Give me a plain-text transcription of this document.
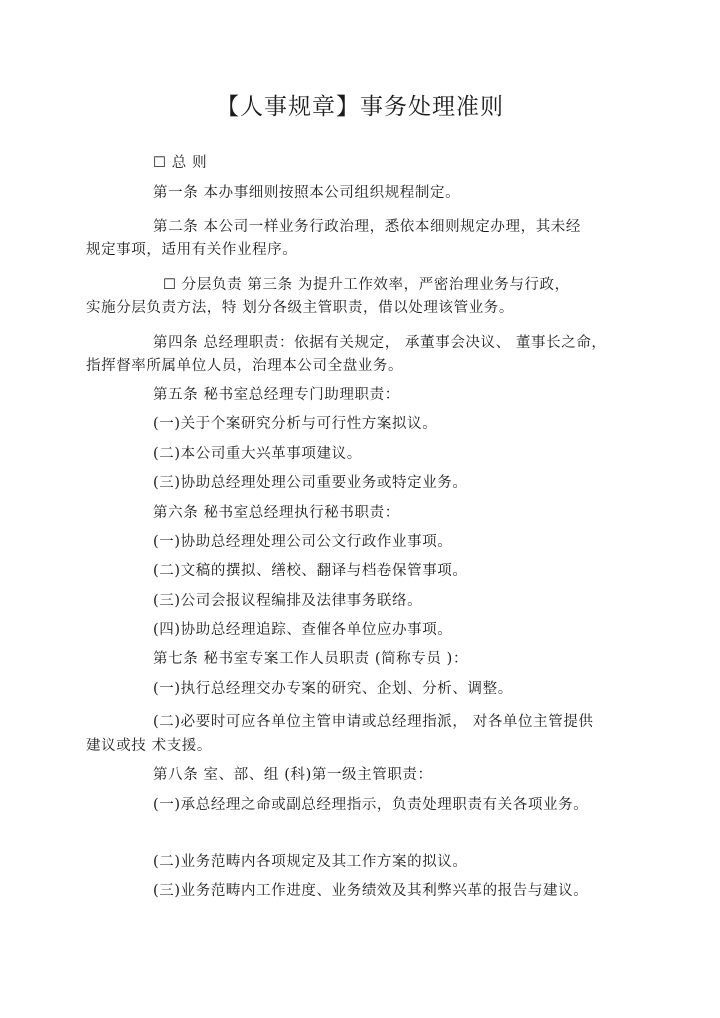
【人事规章】事务处理准则
☐ 总 则
第一条 本办事细则按照本公司组织规程制定。
第二条 本公司一样业务行政治理，悉依本细则规定办理，其未经
规定事项，适用有关作业程序。
☐ 分层负责 第三条 为提升工作效率，严密治理业务与行政，
实施分层负责方法，特 划分各级主管职责，借以处理该管业务。
第四条 总经理职责：依据有关规定， 承董事会决议、 董事长之命，
指挥督率所属单位人员，治理本公司全盘业务。
第五条 秘书室总经理专门助理职责：
(一)关于个案研究分析与可行性方案拟议。
(二)本公司重大兴革事项建议。
(三)协助总经理处理公司重要业务或特定业务。
第六条 秘书室总经理执行秘书职责：
(一)协助总经理处理公司公文行政作业事项。
(二)文稿的撰拟、缮校、翻译与档卷保管事项。
(三)公司会报议程编排及法律事务联络。
(四)协助总经理追踪、查催各单位应办事项。
第七条 秘书室专案工作人员职责 (简称专员 )：
(一)执行总经理交办专案的研究、企划、分析、调整。
(二)必要时可应各单位主管申请或总经理指派， 对各单位主管提供
建议或技 术支援。
第八条 室、部、组 (科)第一级主管职责：
(一)承总经理之命或副总经理指示，负责处理职责有关各项业务。
(二)业务范畴内各项规定及其工作方案的拟议。
(三)业务范畴内工作进度、业务绩效及其利弊兴革的报告与建议。
